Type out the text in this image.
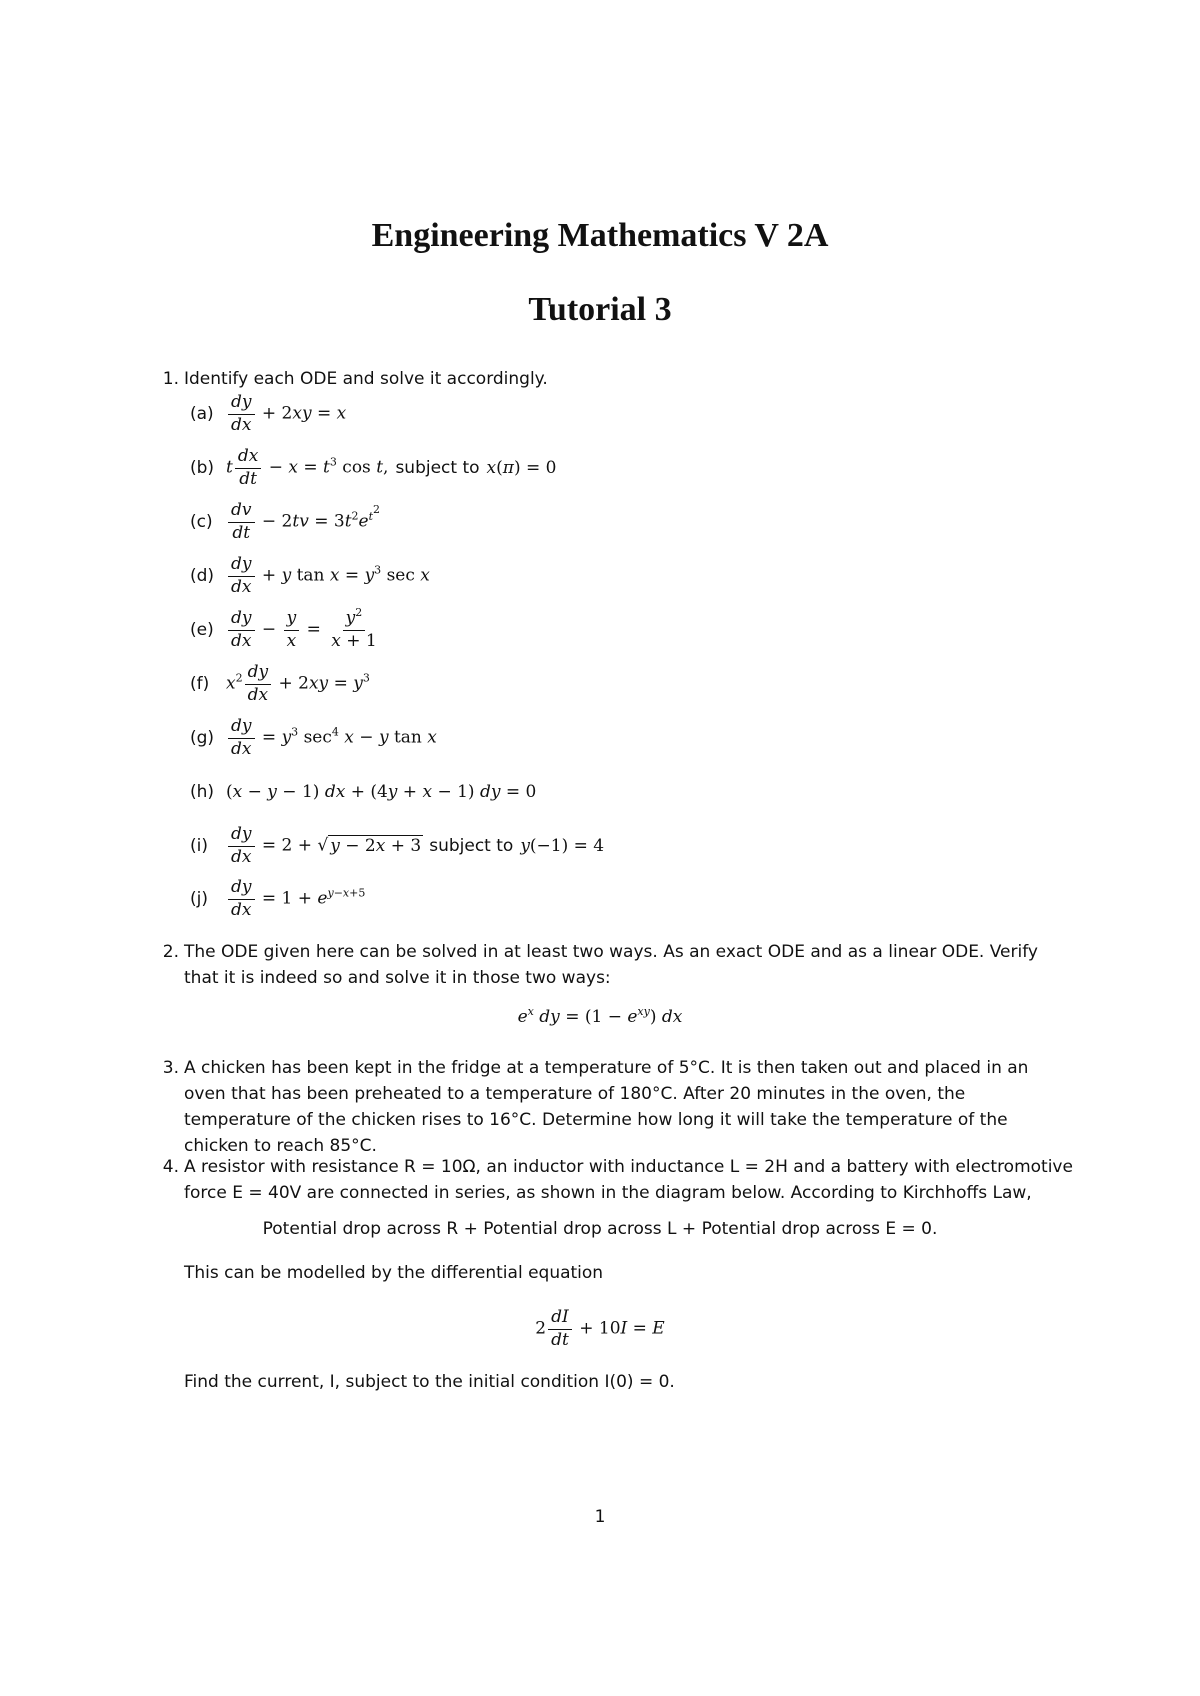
Engineering Mathematics V 2A
Tutorial 3
1. Identify each ODE and solve it accordingly.
$(a) \frac{dy}{dx} + 2xy = x$
(b) t $\frac{dx}{dt} - x = t^3$ cos t, subject to x(π) = 0
$(c) \frac{dv}{dt} - 2tv = 3t^2e^{t^2}$
$(d) \frac{dy}{dx} + y$ $\tan x = y^3$ sec x
$(e) \frac{dy}{dx} - \frac{y}{x} = \frac{y^2}{x + 1}$
(f) $x^2 \frac{dy}{dx} + 2xy = y^3$
$(g) \frac{dy}{dx} = y^3$ $\sec^4 x - y$ tan x
(h) (x − y − 1) dx + (4y + x − 1) dy = 0
(i)	$\frac{dy}{dx} = 2$ + √ y − 2x + 3 subject to y(−1) = 4
(j)	$\frac{dy}{dx} = 1 + e^{y-x+5}$
2. The ODE given here can be solved in at least two ways. As an exact ODE and as a linear ODE. Verify that it is indeed so and solve it in those two ways:
$e^x$ dy = $(1 - e^{xy})$ dx
3. A chicken has been kept in the fridge at a temperature of 5°C. It is then taken out and placed in an oven that has been preheated to a temperature of 180°C. After 20 minutes in the oven, the temperature of the chicken rises to 16°C. Determine how long it will take the temperature of the chicken to reach 85°C.
4. A resistor with resistance R = 10Ω, an inductor with inductance L = 2H and a battery with electromotive force E = 40V are connected in series, as shown in the diagram below. According to Kirchhoffs Law,
Potential drop across R + Potential drop across L + Potential drop across E = 0.
This can be modelled by the differential equation
$2 \frac{dI}{dt} + 10I = E$
Find the current, I, subject to the initial condition I(0) = 0.
1
